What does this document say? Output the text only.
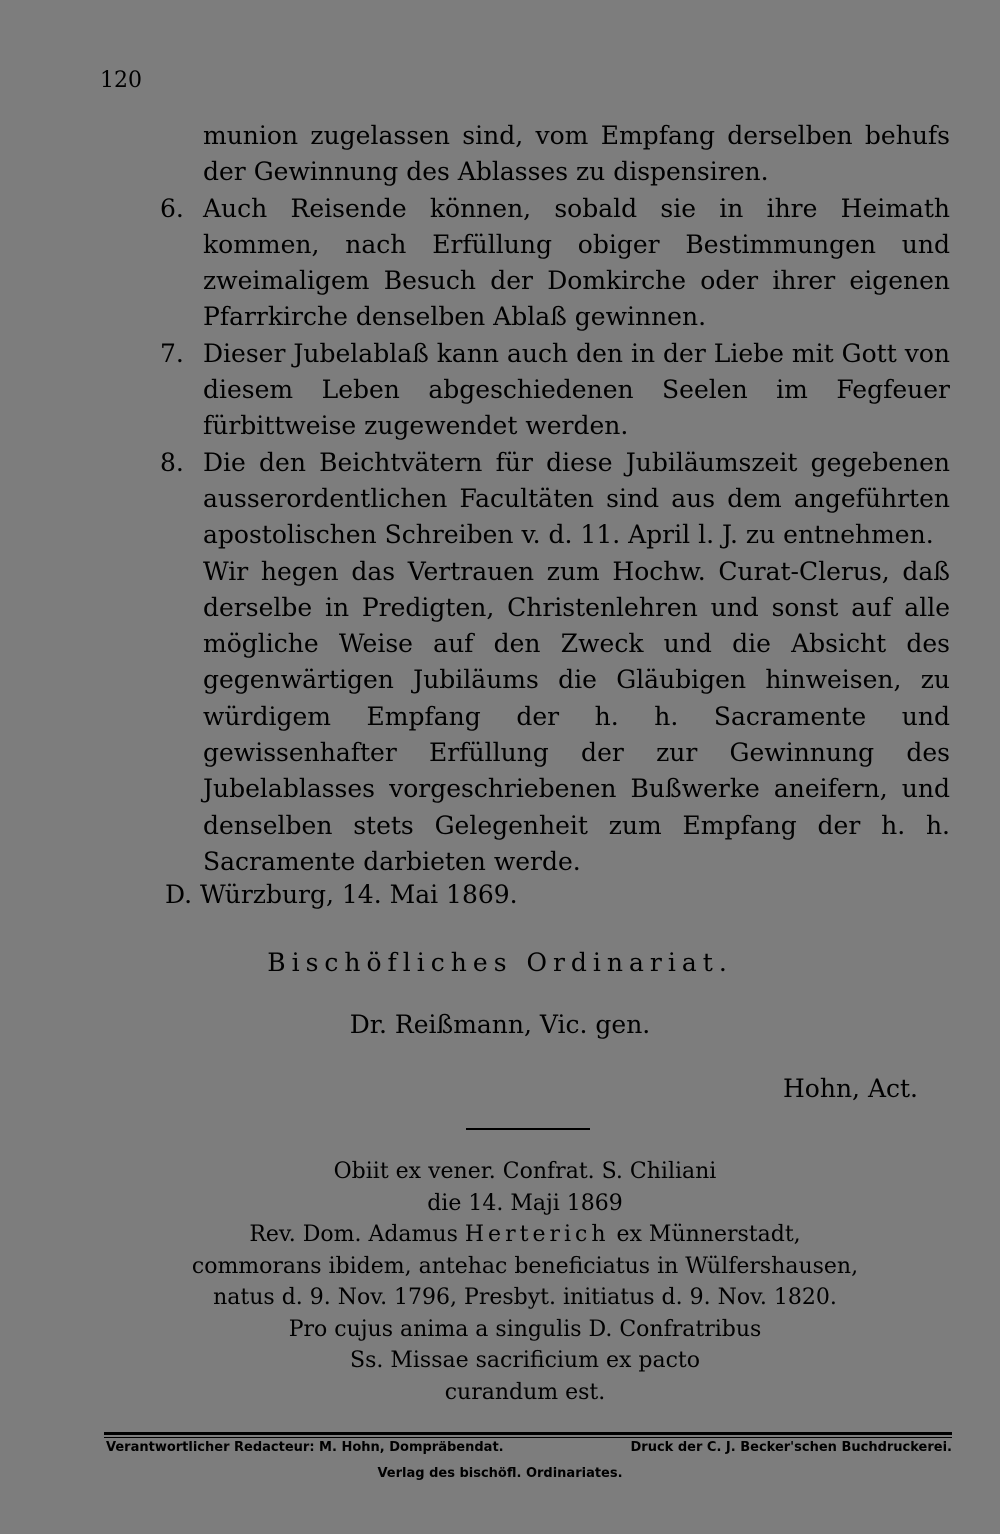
120
munion zugelassen sind, vom Empfang derselben behufs der Gewinnung des Ablasses zu dispensiren.
6. Auch Reisende können, sobald sie in ihre Heimath kommen, nach Erfüllung obiger Bestimmungen und zweimaligem Besuch der Domkirche oder ihrer eigenen Pfarrkirche denselben Ablaß gewinnen.
7. Dieser Jubelablaß kann auch den in der Liebe mit Gott von diesem Leben abgeschiedenen Seelen im Fegfeuer fürbittweise zugewendet werden.
8. Die den Beichtvätern für diese Jubiläumszeit gegebenen ausserordentlichen Facultäten sind aus dem angeführten apostolischen Schreiben v. d. 11. April l. J. zu entnehmen.
Wir hegen das Vertrauen zum Hochw. Curat-Clerus, daß derselbe in Predigten, Christenlehren und sonst auf alle mögliche Weise auf den Zweck und die Absicht des gegenwärtigen Jubiläums die Gläubigen hinweisen, zu würdigem Empfang der h. h. Sacramente und gewissenhafter Erfüllung der zur Gewinnung des Jubelablasses vorgeschriebenen Bußwerke aneifern, und denselben stets Gelegenheit zum Empfang der h. h. Sacramente darbieten werde.
D. Würzburg, 14. Mai 1869.
Bischöfliches Ordinariat.
Dr. Reißmann, Vic. gen.
Hohn, Act.
Obiit ex vener. Confrat. S. Chiliani
die 14. Maji 1869
Rev. Dom. Adamus Herterich ex Münnerstadt,
commorans ibidem, antehac beneficiatus in Wülfershausen,
natus d. 9. Nov. 1796, Presbyt. initiatus d. 9. Nov. 1820.
Pro cujus anima a singulis D. Confratribus
Ss. Missae sacrificium ex pacto
curandum est.
Verantwortlicher Redacteur: M. Hohn, Dompräbendat.	Druck der C. J. Becker'schen Buchdruckerei.
Verlag des bischöfl. Ordinariates.
